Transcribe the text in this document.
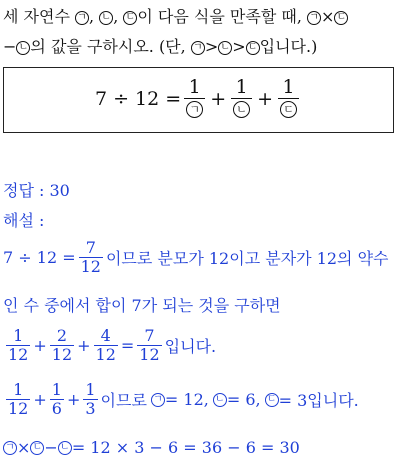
세 자연수 ㄱ , ㄴ , ㄷ 이 다음 식을 만족할 때, ㄱ × ㄷ
− ㄴ 의 값을 구하시오. (단, ㄱ > ㄴ > ㄷ 입니다.)
$7 \div 12 = \frac{1}{\text{ㄱ}} + \frac{1}{\text{ㄴ}} + \frac{1}{\text{ㄷ}}$
정답 : 30
해설 :
$7 \div 12 = \frac{7}{12}$ 이므로 분모가 12이고 분자가 12의 약수
인 수 중에서 합이 7가 되는 것을 구하면
$\frac{1}{12} + \frac{2}{12} + \frac{4}{12} = \frac{7}{12}$ 입니다.
$\frac{1}{12} + \frac{1}{6} + \frac{1}{3}$ 이므로 ㄱ = 12, ㄴ = 6, ㄷ = 3입니다.
ㄱ × ㄷ − ㄴ = 12 × 3 − 6 = 36 − 6 = 30
